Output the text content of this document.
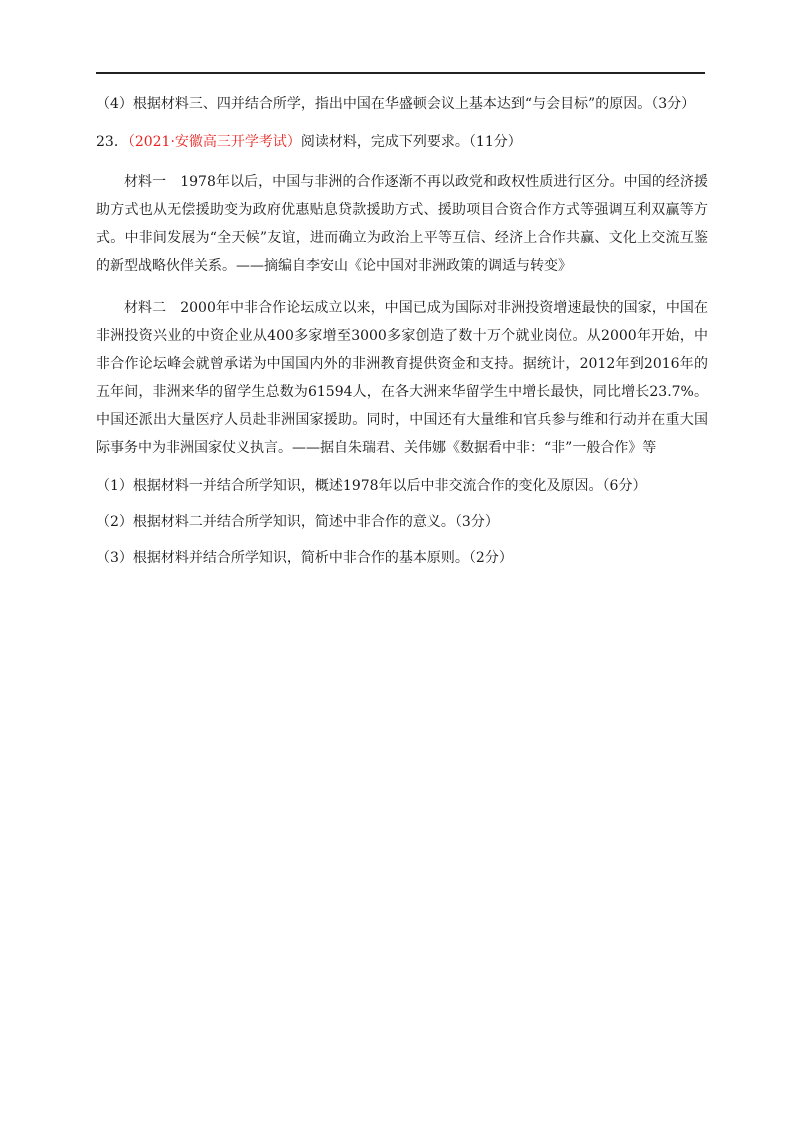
（4）根据材料三、四并结合所学，指出中国在华盛顿会议上基本达到“与会目标”的原因。（3分）

23．（2021·安徽高三开学考试）阅读材料，完成下列要求。（11分）

材料一　1978年以后，中国与非洲的合作逐渐不再以政党和政权性质进行区分。中国的经济援助方式也从无偿援助变为政府优惠贴息贷款援助方式、援助项目合资合作方式等强调互利双赢等方式。中非间发展为“全天候”友谊，进而确立为政治上平等互信、经济上合作共赢、文化上交流互鉴的新型战略伙伴关系。——摘编自李安山《论中国对非洲政策的调适与转变》

材料二　2000年中非合作论坛成立以来，中国已成为国际对非洲投资增速最快的国家，中国在非洲投资兴业的中资企业从400多家增至3000多家创造了数十万个就业岗位。从2000年开始，中非合作论坛峰会就曾承诺为中国国内外的非洲教育提供资金和支持。据统计，2012年到2016年的五年间，非洲来华的留学生总数为61594人，在各大洲来华留学生中增长最快，同比增长23.7%。中国还派出大量医疗人员赴非洲国家援助。同时，中国还有大量维和官兵参与维和行动并在重大国际事务中为非洲国家仗义执言。——据自朱瑞君、关伟娜《数据看中非：“非”一般合作》等

（1）根据材料一并结合所学知识，概述1978年以后中非交流合作的变化及原因。（6分）

（2）根据材料二并结合所学知识，简述中非合作的意义。（3分）

（3）根据材料并结合所学知识，简析中非合作的基本原则。（2分）
